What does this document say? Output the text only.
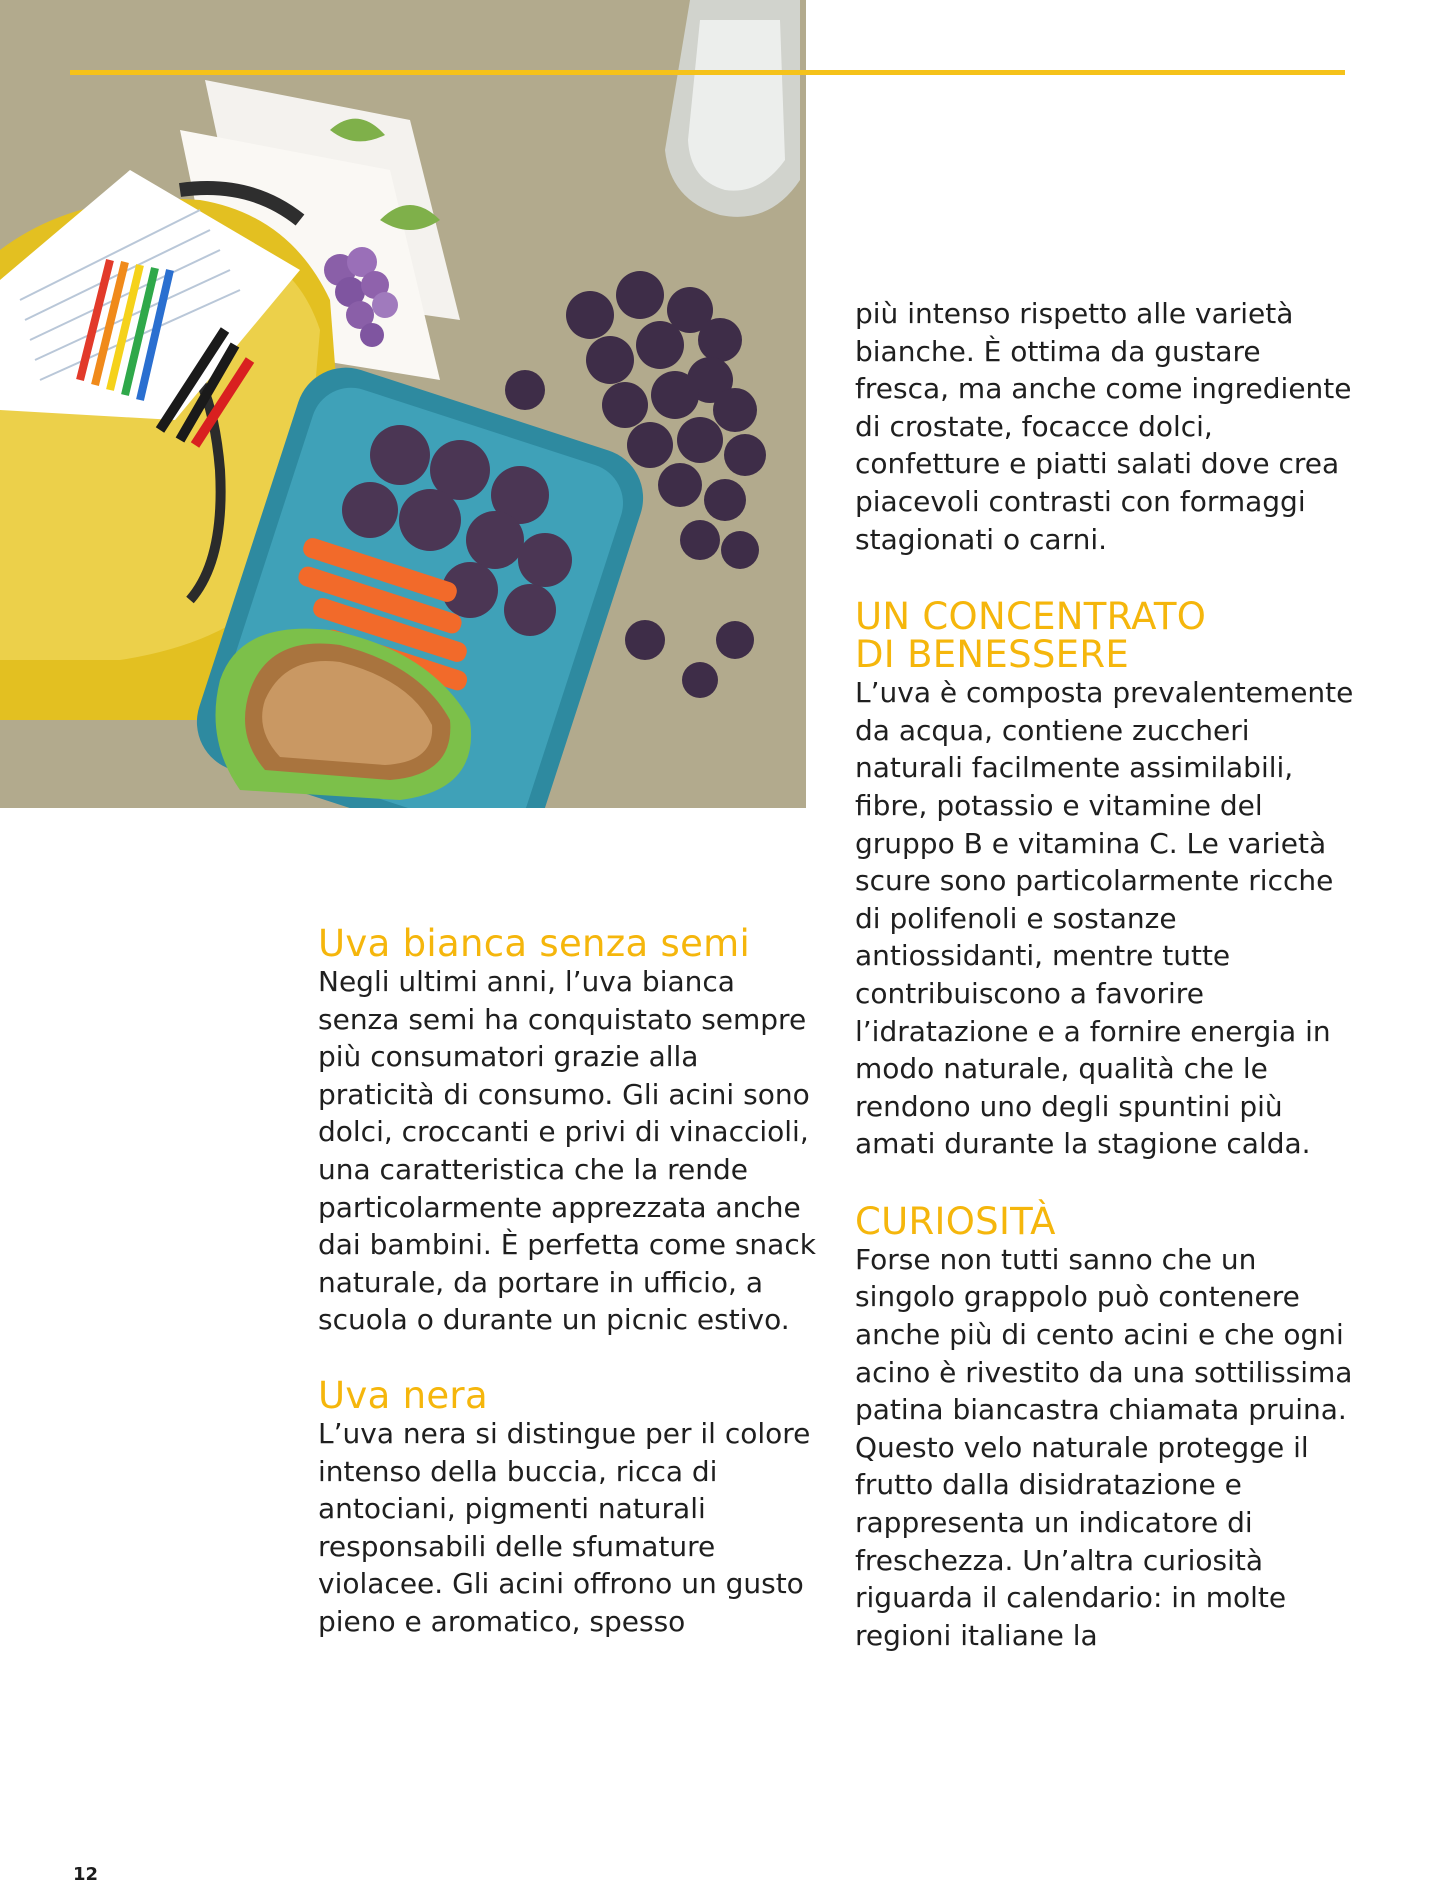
Uva bianca senza semi

Negli ultimi anni, l’uva bianca senza semi ha conquistato sempre più consumatori grazie alla praticità di consumo. Gli acini sono dolci, croccanti e privi di vinaccioli, una caratteristica che la rende particolarmente apprezzata anche dai bambini. È perfetta come snack naturale, da portare in ufficio, a scuola o durante un picnic estivo.

Uva nera

L’uva nera si distingue per il colore intenso della buccia, ricca di antociani, pigmenti naturali responsabili delle sfumature violacee. Gli acini offrono un gusto pieno e aromatico, spesso

più intenso rispetto alle varietà bianche. È ottima da gustare fresca, ma anche come ingrediente di crostate, focacce dolci, confetture e piatti salati dove crea piacevoli contrasti con formaggi stagionati o carni.

UN CONCENTRATO
DI BENESSERE

L’uva è composta prevalentemente da acqua, contiene zuccheri naturali facilmente assimilabili, fibre, potassio e vitamine del gruppo B e vitamina C. Le varietà scure sono particolarmente ricche di polifenoli e sostanze antiossidanti, mentre tutte contribuiscono a favorire l’idratazione e a fornire energia in modo naturale, qualità che le rendono uno degli spuntini più amati durante la stagione calda.

CURIOSITÀ

Forse non tutti sanno che un singolo grappolo può contenere anche più di cento acini e che ogni acino è rivestito da una sottilissima patina biancastra chiamata pruina. Questo velo naturale protegge il frutto dalla disidratazione e rappresenta un indicatore di freschezza. Un’altra curiosità riguarda il calendario: in molte regioni italiane la

12
